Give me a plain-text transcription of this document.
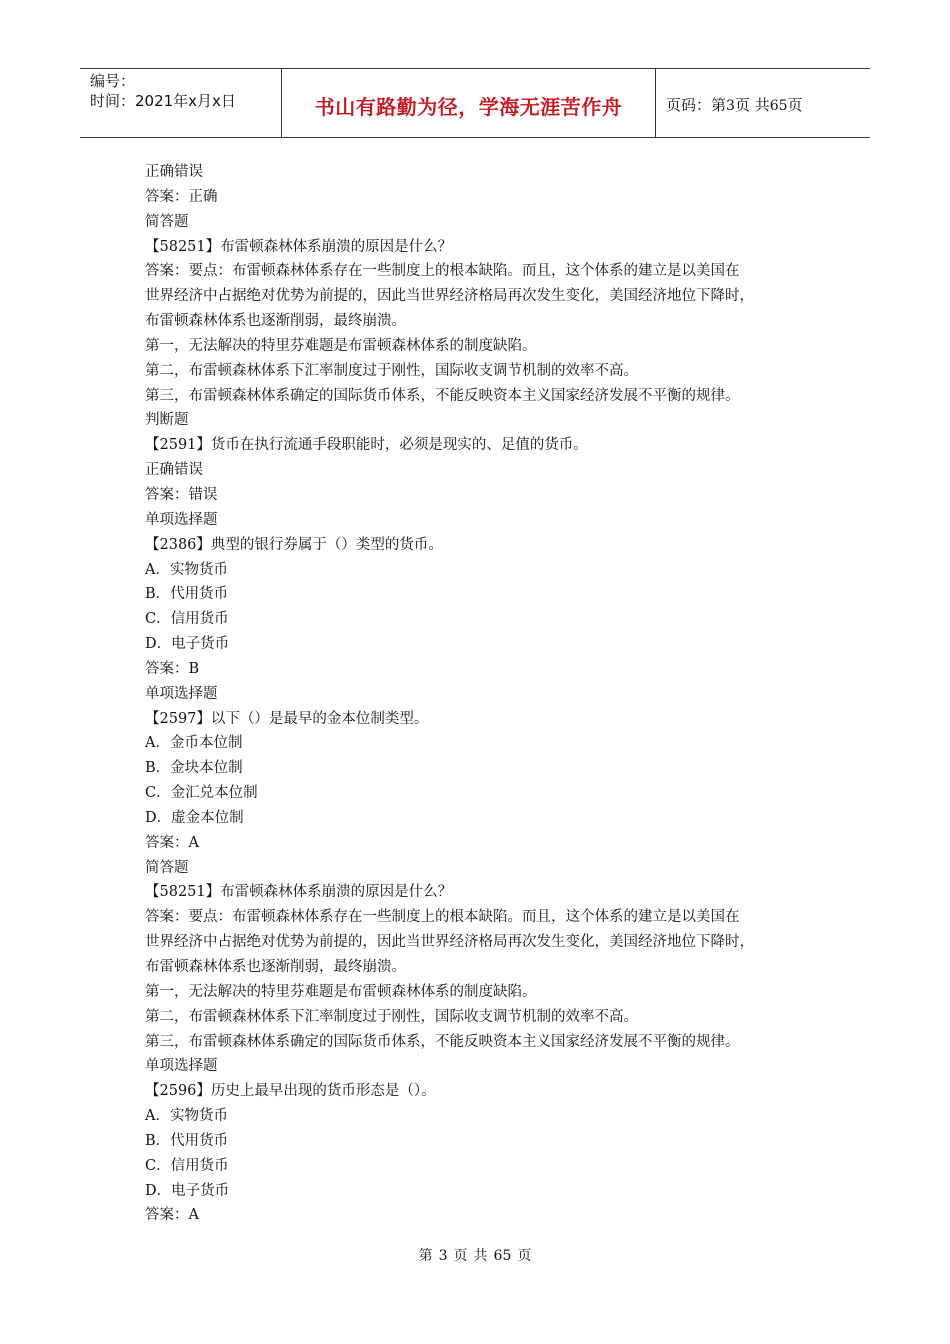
编号：
时间：2021年x月x日	书山有路勤为径，学海无涯苦作舟	页码：第3页 共65页
正确错误
答案：正确
简答题
【58251】布雷顿森林体系崩溃的原因是什么？
答案：要点：布雷顿森林体系存在一些制度上的根本缺陷。而且，这个体系的建立是以美国在
世界经济中占据绝对优势为前提的，因此当世界经济格局再次发生变化，美国经济地位下降时，
布雷顿森林体系也逐渐削弱，最终崩溃。
第一，无法解决的特里芬难题是布雷顿森林体系的制度缺陷。
第二，布雷顿森林体系下汇率制度过于刚性，国际收支调节机制的效率不高。
第三，布雷顿森林体系确定的国际货币体系，不能反映资本主义国家经济发展不平衡的规律。
判断题
【2591】货币在执行流通手段职能时，必须是现实的、足值的货币。
正确错误
答案：错误
单项选择题
【2386】典型的银行券属于（）类型的货币。
A．实物货币
B．代用货币
C．信用货币
D．电子货币
答案：B
单项选择题
【2597】以下（）是最早的金本位制类型。
A．金币本位制
B．金块本位制
C．金汇兑本位制
D．虚金本位制
答案：A
简答题
【58251】布雷顿森林体系崩溃的原因是什么？
答案：要点：布雷顿森林体系存在一些制度上的根本缺陷。而且，这个体系的建立是以美国在
世界经济中占据绝对优势为前提的，因此当世界经济格局再次发生变化，美国经济地位下降时，
布雷顿森林体系也逐渐削弱，最终崩溃。
第一，无法解决的特里芬难题是布雷顿森林体系的制度缺陷。
第二，布雷顿森林体系下汇率制度过于刚性，国际收支调节机制的效率不高。
第三，布雷顿森林体系确定的国际货币体系，不能反映资本主义国家经济发展不平衡的规律。
单项选择题
【2596】历史上最早出现的货币形态是（）。
A．实物货币
B．代用货币
C．信用货币
D．电子货币
答案：A
第 3 页 共 65 页
